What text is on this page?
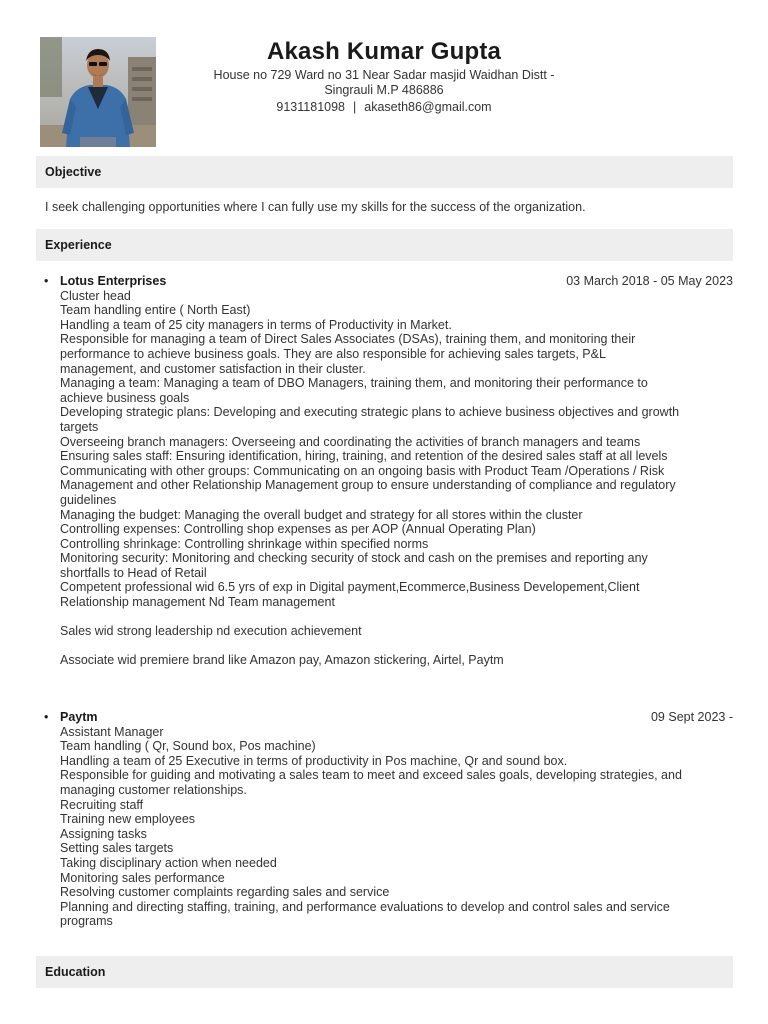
Akash Kumar Gupta
House no 729 Ward no 31 Near Sadar masjid Waidhan Distt -
Singrauli M.P 486886
9131181098 | akaseth86@gmail.com
Objective
I seek challenging opportunities where I can fully use my skills for the success of the organization.
Experience
• Lotus Enterprises	03 March 2018 - 05 May 2023
Cluster head
Team handling entire ( North East)
Handling a team of 25 city managers in terms of Productivity in Market.
Responsible for managing a team of Direct Sales Associates (DSAs), training them, and monitoring their
performance to achieve business goals. They are also responsible for achieving sales targets, P&L
management, and customer satisfaction in their cluster.
Managing a team: Managing a team of DBO Managers, training them, and monitoring their performance to
achieve business goals
Developing strategic plans: Developing and executing strategic plans to achieve business objectives and growth
targets
Overseeing branch managers: Overseeing and coordinating the activities of branch managers and teams
Ensuring sales staff: Ensuring identification, hiring, training, and retention of the desired sales staff at all levels
Communicating with other groups: Communicating on an ongoing basis with Product Team /Operations / Risk
Management and other Relationship Management group to ensure understanding of compliance and regulatory
guidelines
Managing the budget: Managing the overall budget and strategy for all stores within the cluster
Controlling expenses: Controlling shop expenses as per AOP (Annual Operating Plan)
Controlling shrinkage: Controlling shrinkage within specified norms
Monitoring security: Monitoring and checking security of stock and cash on the premises and reporting any
shortfalls to Head of Retail
Competent professional wid 6.5 yrs of exp in Digital payment,Ecommerce,Business Developement,Client
Relationship management Nd Team management
Sales wid strong leadership nd execution achievement
Associate wid premiere brand like Amazon pay, Amazon stickering, Airtel, Paytm
• Paytm	09 Sept 2023 -
Assistant Manager
Team handling ( Qr, Sound box, Pos machine)
Handling a team of 25 Executive in terms of productivity in Pos machine, Qr and sound box.
Responsible for guiding and motivating a sales team to meet and exceed sales goals, developing strategies, and
managing customer relationships.
Recruiting staff
Training new employees
Assigning tasks
Setting sales targets
Taking disciplinary action when needed
Monitoring sales performance
Resolving customer complaints regarding sales and service
Planning and directing staffing, training, and performance evaluations to develop and control sales and service
programs
Education
